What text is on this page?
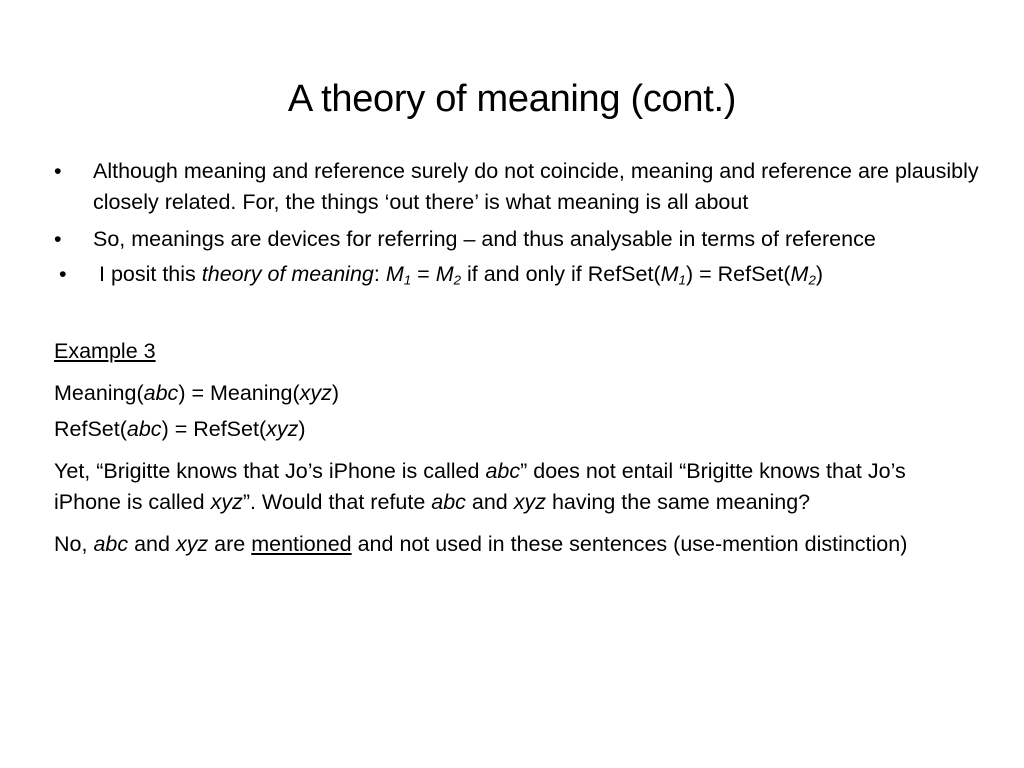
A theory of meaning (cont.)
• Although meaning and reference surely do not coincide, meaning and reference are plausibly closely related. For, the things ‘out there’ is what meaning is all about
• So, meanings are devices for referring – and thus analysable in terms of reference
• I posit this theory of meaning: $M_1 = M_2$ if and only if $RefSet(M_1)$ = $RefSet(M_2)$

Example 3

Meaning(abc) = Meaning(xyz)

RefSet(abc) = RefSet(xyz)

Yet, “Brigitte knows that Jo’s iPhone is called abc” does not entail “Brigitte knows that Jo’s iPhone is called xyz”. Would that refute abc and xyz having the same meaning?

No, abc and xyz are mentioned and not used in these sentences (use-mention distinction)
